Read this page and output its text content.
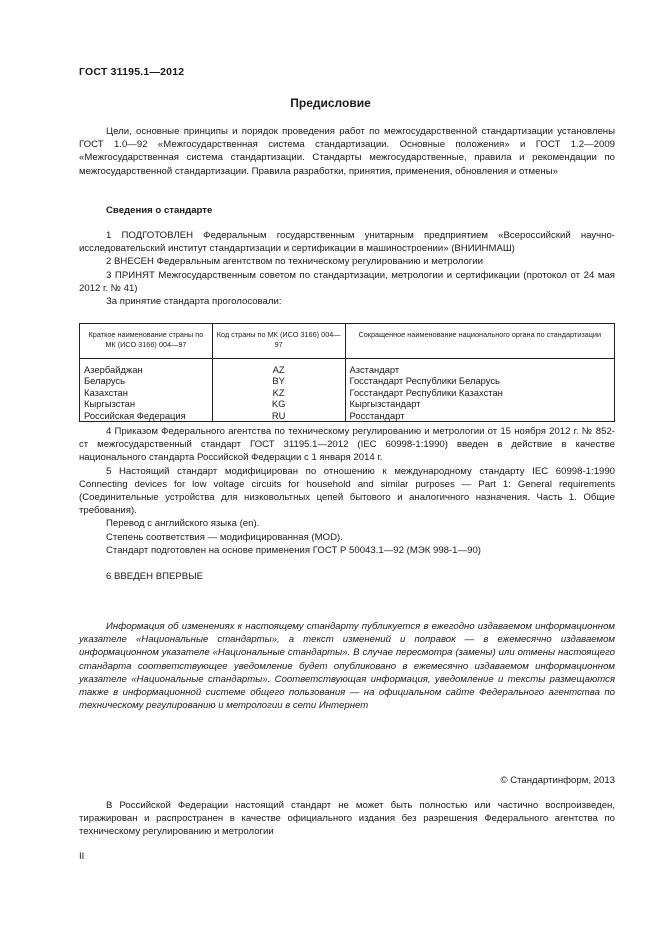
ГОСТ 31195.1—2012
Предисловие

Цели, основные принципы и порядок проведения работ по межгосударственной стандартизации установлены ГОСТ 1.0—92 «Межгосударственная система стандартизации. Основные положения» и ГОСТ 1.2—2009 «Межгосударственная система стандартизации. Стандарты межгосударственные, правила и рекомендации по межгосударственной стандартизации. Правила разработки, принятия, применения, обновления и отмены»

Сведения о стандарте

1 ПОДГОТОВЛЕН Федеральным государственным унитарным предприятием «Всероссийский научно-исследовательский институт стандартизации и сертификации в машиностроении» (ВНИИНМАШ)

2 ВНЕСЕН Федеральным агентством по техническому регулированию и метрологии

3 ПРИНЯТ Межгосударственным советом по стандартизации, метрологии и сертификации (протокол от 24 мая 2012 г. № 41)

За принятие стандарта проголосовали:

Краткое наименование страны по МК (ИСО 3166) 004—97	Код страны по МК (ИСО 3166) 004—97	Сокращенное наименование национального органа по стандартизации
Азербайджан	AZ	Азстандарт
Беларусь	BY	Госстандарт Республики Беларусь
Казахстан	KZ	Госстандарт Республики Казахстан
Кыргызстан	KG	Кыргызстандарт
Российская Федерация	RU	Росстандарт

4 Приказом Федерального агентства по техническому регулированию и метрологии от 15 ноября 2012 г. № 852-ст межгосударственный стандарт ГОСТ 31195.1—2012 (IEC 60998-1:1990) введен в действие в качестве национального стандарта Российской Федерации с 1 января 2014 г.

5 Настоящий стандарт модифицирован по отношению к международному стандарту IEC 60998-1:1990 Connecting devices for low voltage circuits for household and similar purposes — Part 1: General requirements (Соединительные устройства для низковольтных цепей бытового и аналогичного назначения. Часть 1. Общие требования).

Перевод с английского языка (en).

Степень соответствия — модифицированная (MOD).

Стандарт подготовлен на основе применения ГОСТ Р 50043.1—92 (МЭК 998-1—90)

6 ВВЕДЕН ВПЕРВЫЕ

Информация об изменениях к настоящему стандарту публикуется в ежегодно издаваемом информационном указателе «Национальные стандарты», а текст изменений и поправок — в ежемесячно издаваемом информационном указателе «Национальные стандарты». В случае пересмотра (замены) или отмены настоящего стандарта соответствующее уведомление будет опубликовано в ежемесячно издаваемом информационном указателе «Национальные стандарты». Соответствующая информация, уведомление и тексты размещаются также в информационной системе общего пользования — на официальном сайте Федерального агентства по техническому регулированию и метрологии в сети Интернет

© Стандартинформ, 2013

В Российской Федерации настоящий стандарт не может быть полностью или частично воспроизведен, тиражирован и распространен в качестве официального издания без разрешения Федерального агентства по техническому регулированию и метрологии

II
